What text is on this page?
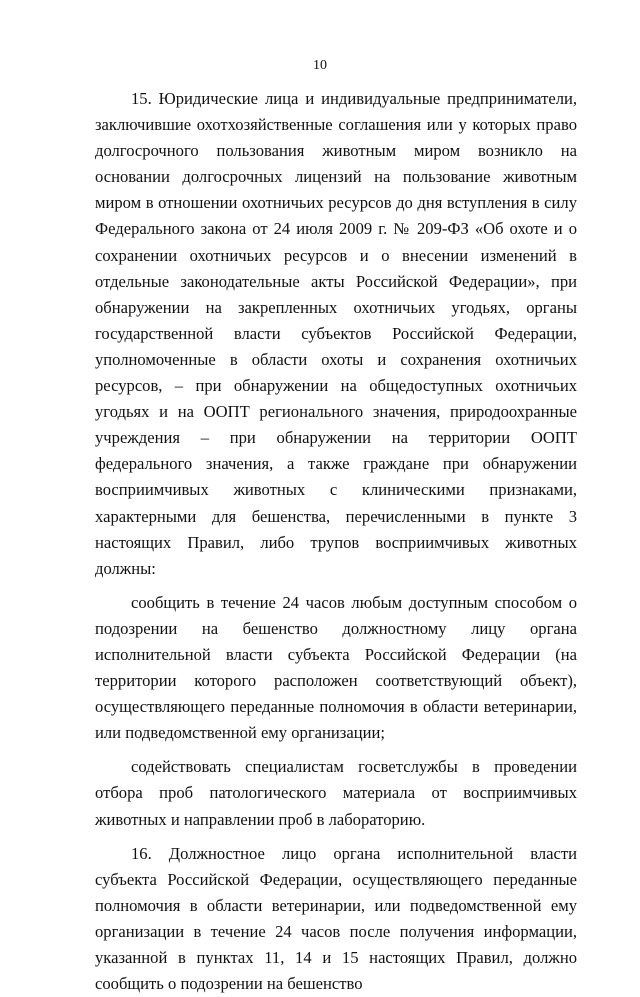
10

15. Юридические лица и индивидуальные предприниматели, заключившие охотхозяйственные соглашения или у которых право долгосрочного пользования животным миром возникло на основании долгосрочных лицензий на пользование животным миром в отношении охотничьих ресурсов до дня вступления в силу Федерального закона от 24 июля 2009 г. № 209-ФЗ «Об охоте и о сохранении охотничьих ресурсов и о внесении изменений в отдельные законодательные акты Российской Федерации», при обнаружении на закрепленных охотничьих угодьях, органы государственной власти субъектов Российской Федерации, уполномоченные в области охоты и сохранения охотничьих ресурсов, – при обнаружении на общедоступных охотничьих угодьях и на ООПТ регионального значения, природоохранные учреждения – при обнаружении на территории ООПТ федерального значения, а также граждане при обнаружении восприимчивых животных с клиническими признаками, характерными для бешенства, перечисленными в пункте 3 настоящих Правил, либо трупов восприимчивых животных должны:

сообщить в течение 24 часов любым доступным способом о подозрении на бешенство должностному лицу органа исполнительной власти субъекта Российской Федерации (на территории которого расположен соответствующий объект), осуществляющего переданные полномочия в области ветеринарии, или подведомственной ему организации;

содействовать специалистам госветслужбы в проведении отбора проб патологического материала от восприимчивых животных и направлении проб в лабораторию.

16. Должностное лицо органа исполнительной власти субъекта Российской Федерации, осуществляющего переданные полномочия в области ветеринарии, или подведомственной ему организации в течение 24 часов после получения информации, указанной в пунктах 11, 14 и 15 настоящих Правил, должно сообщить о подозрении на бешенство
